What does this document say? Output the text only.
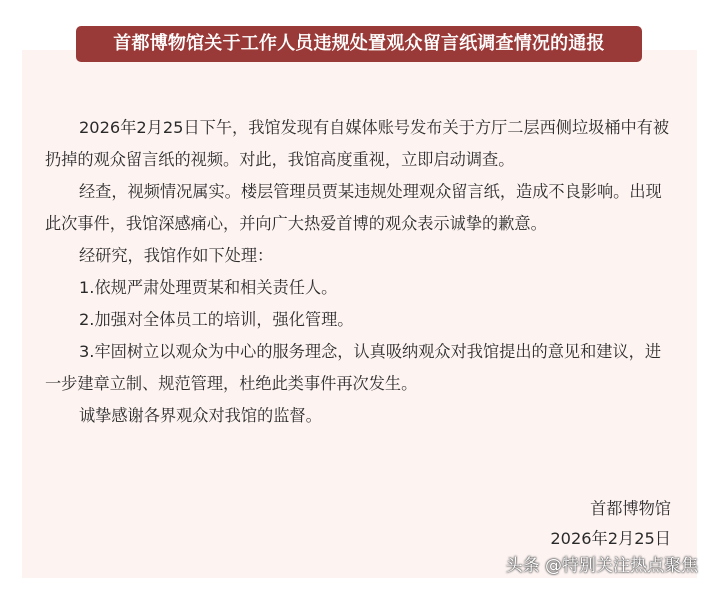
首都博物馆关于工作人员违规处置观众留言纸调查情况的通报

2026年2月25日下午，我馆发现有自媒体账号发布关于方厅二层西侧垃圾桶中有被扔掉的观众留言纸的视频。对此，我馆高度重视，立即启动调查。

经查，视频情况属实。楼层管理员贾某违规处理观众留言纸，造成不良影响。出现此次事件，我馆深感痛心，并向广大热爱首博的观众表示诚挚的歉意。

经研究，我馆作如下处理：

1.依规严肃处理贾某和相关责任人。

2.加强对全体员工的培训，强化管理。

3.牢固树立以观众为中心的服务理念，认真吸纳观众对我馆提出的意见和建议，进一步建章立制、规范管理，杜绝此类事件再次发生。

诚挚感谢各界观众对我馆的监督。

首都博物馆
2026年2月25日
头条 @特别关注热点聚焦
